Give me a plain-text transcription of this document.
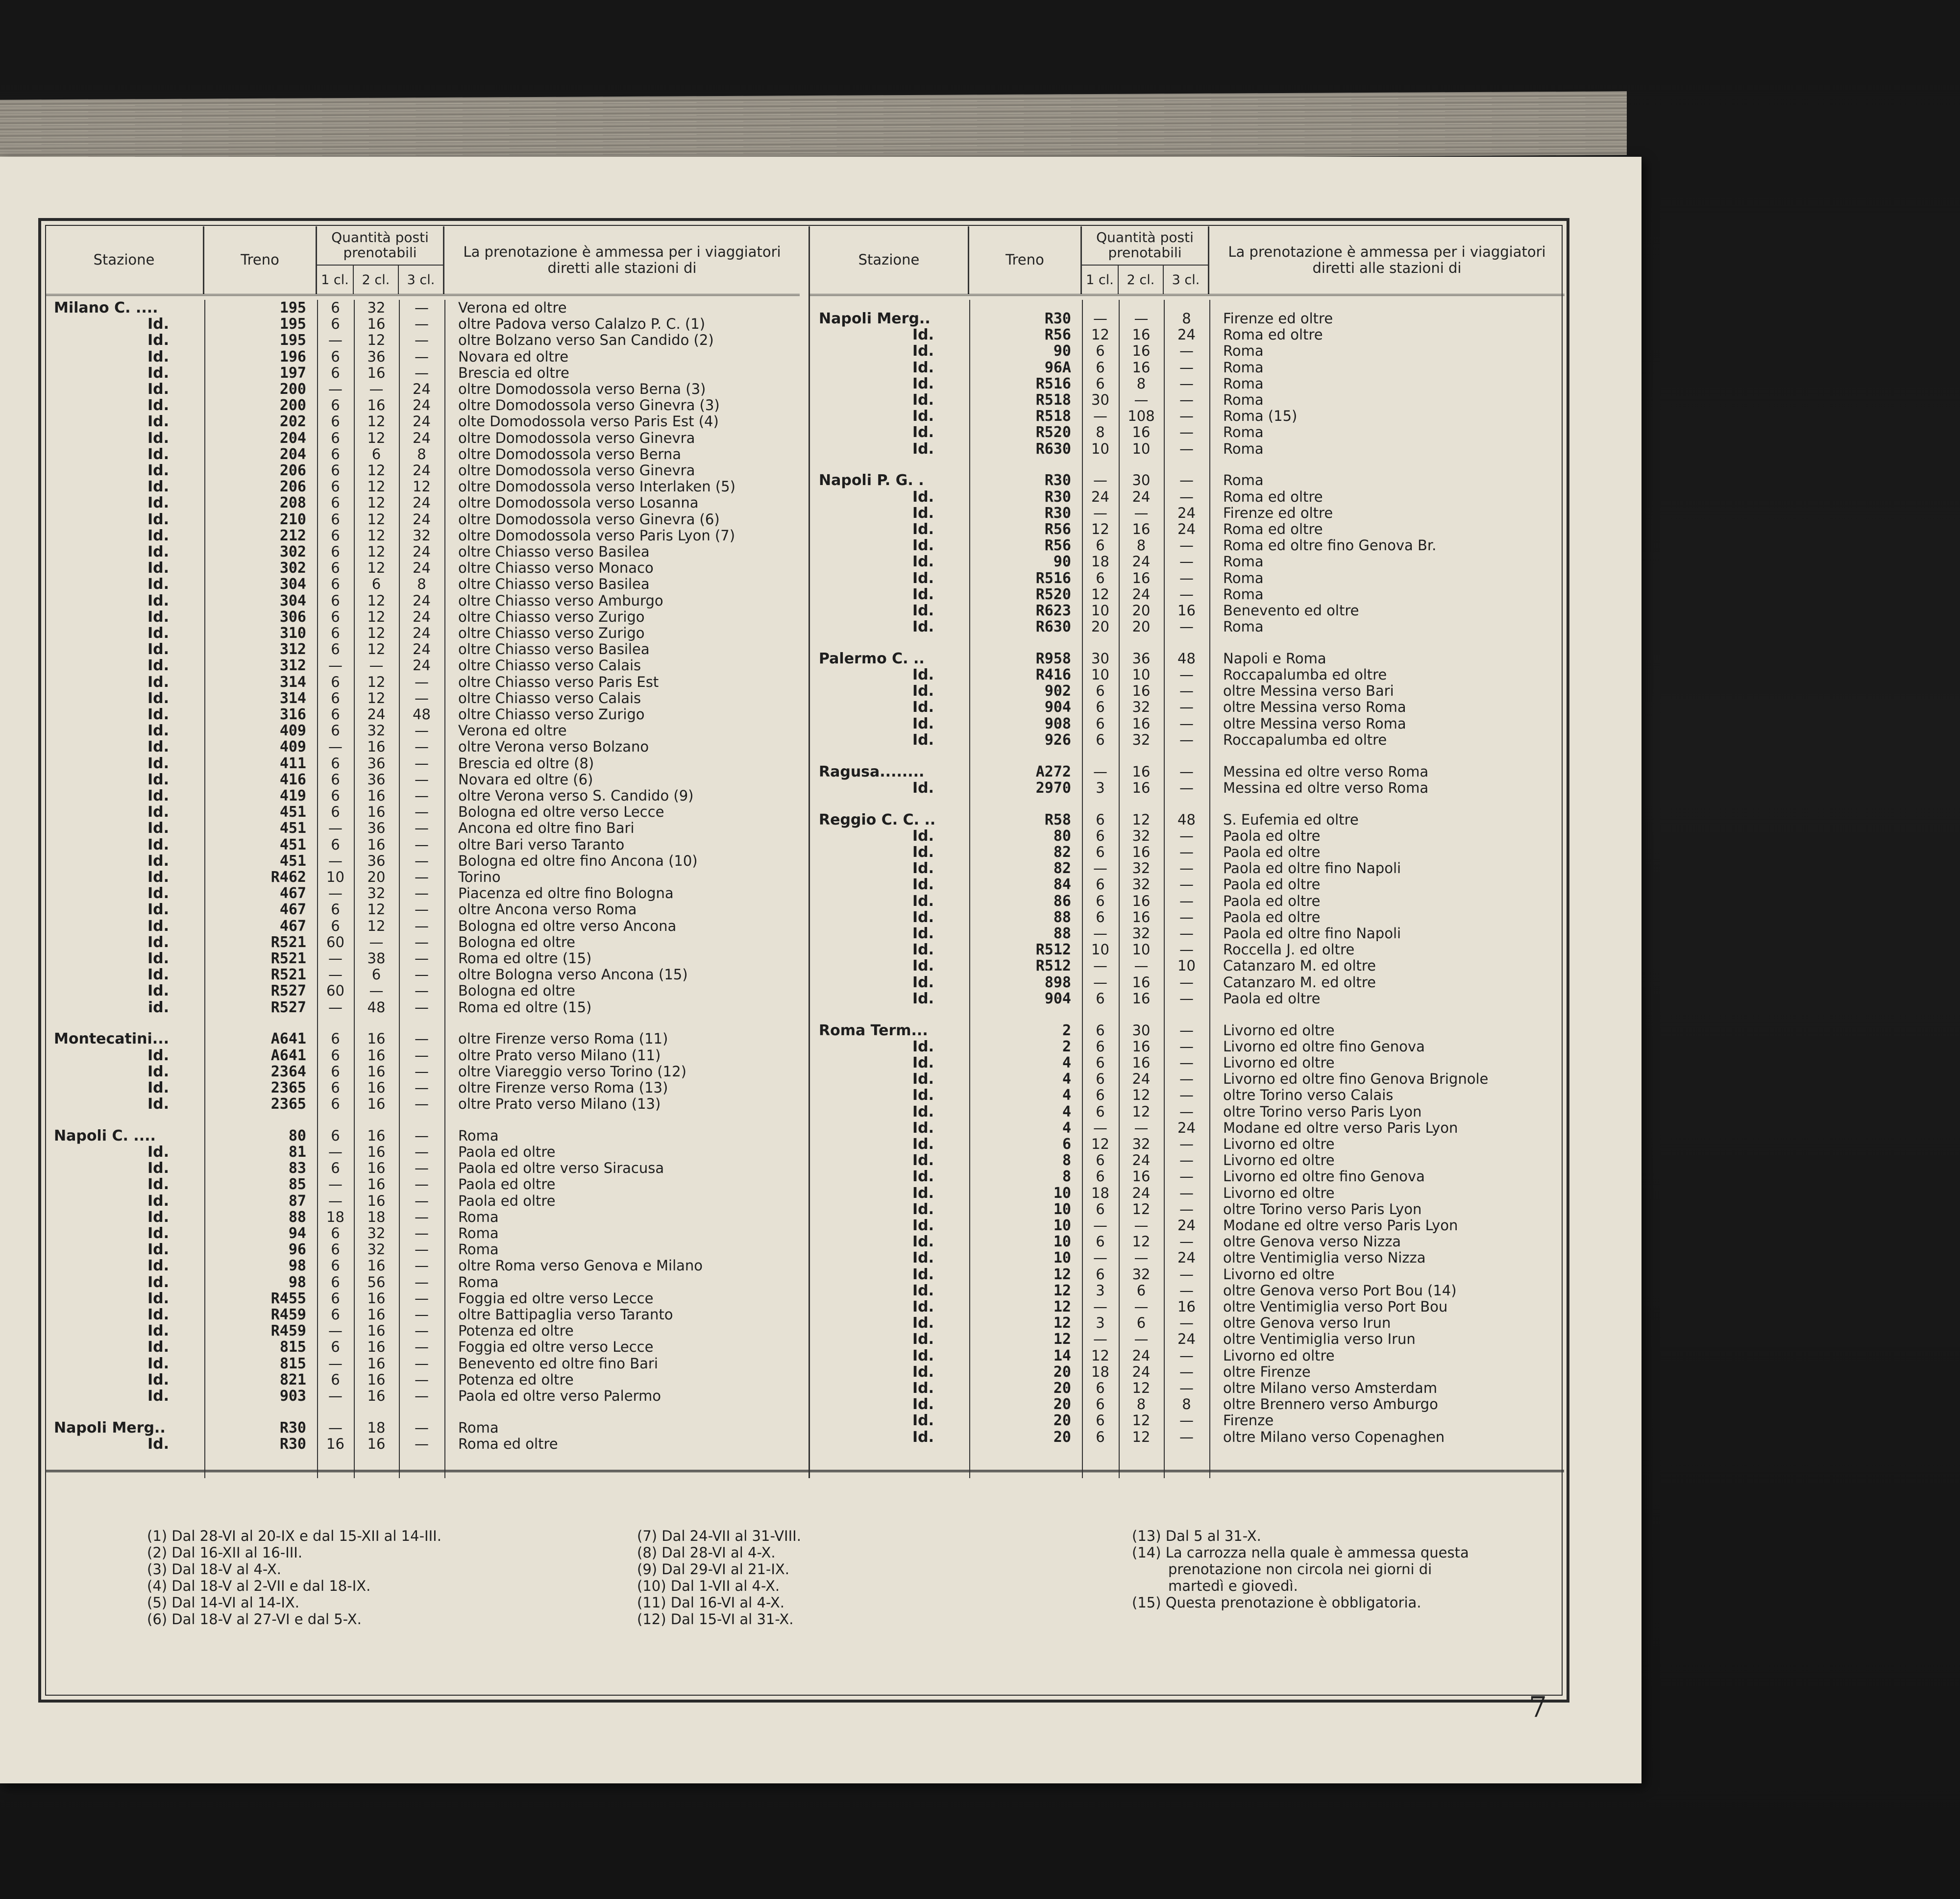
Stazione	Treno
Quantità posti prenotabili
1 cl. 2 cl.	3 cl.
La prenotazione è ammessa per i viaggiatori diretti alle stazioni di
Milano C. ....	195	6	32	—	Verona ed oltre
Id.	195	6	16	—	oltre Padova verso Calalzo P. C. (1)
Id.	195	—	12	—	oltre Bolzano verso San Candido (2)
Id.	196	6	36	—	Novara ed oltre
Id.	197	6	16	—	Brescia ed oltre
Id.	200	—	—	24	oltre Domodossola verso Berna (3)
Id.	200	6	16	24	oltre Domodossola verso Ginevra (3)
Id.	202	6	12	24	olte Domodossola verso Paris Est (4)
Id.	204	6	12	24	oltre Domodossola verso Ginevra
Id.	204	6	6	8	oltre Domodossola verso Berna
Id.	206	6	12	24	oltre Domodossola verso Ginevra
Id.	206	6	12	12	oltre Domodossola verso Interlaken (5)
Id.	208	6	12	24	oltre Domodossola verso Losanna
Id.	210	6	12	24	oltre Domodossola verso Ginevra (6)
Id.	212	6	12	32	oltre Domodossola verso Paris Lyon (7)
Id.	302	6	12	24	oltre Chiasso verso Basilea
Id.	302	6	12	24	oltre Chiasso verso Monaco
Id.	304	6	6	8	oltre Chiasso verso Basilea
Id.	304	6	12	24	oltre Chiasso verso Amburgo
Id.	306	6	12	24	oltre Chiasso verso Zurigo
Id.	310	6	12	24	oltre Chiasso verso Zurigo
Id.	312	6	12	24	oltre Chiasso verso Basilea
Id.	312	—	—	24	oltre Chiasso verso Calais
Id.	314	6	12	—	oltre Chiasso verso Paris Est
Id.	314	6	12	—	oltre Chiasso verso Calais
Id.	316	6	24	48	oltre Chiasso verso Zurigo
Id.	409	6	32	—	Verona ed oltre
Id.	409	—	16	—	oltre Verona verso Bolzano
Id.	411	6	36	—	Brescia ed oltre (8)
Id.	416	6	36	—	Novara ed oltre (6)
Id.	419	6	16	—	oltre Verona verso S. Candido (9)
Id.	451	6	16	—	Bologna ed oltre verso Lecce
Id.	451	—	36	—	Ancona ed oltre fino Bari
Id.	451	6	16	—	oltre Bari verso Taranto
Id.	451	—	36	—	Bologna ed oltre fino Ancona (10)
Id.	R462	10	20	—	Torino
Id.	467	—	32	—	Piacenza ed oltre fino Bologna
Id.	467	6	12	—	oltre Ancona verso Roma
Id.	467	6	12	—	Bologna ed oltre verso Ancona
Id.	R521	60	—	—	Bologna ed oltre
Id.	R521	—	38	—	Roma ed oltre (15)
Id.	R521	—	6	—	oltre Bologna verso Ancona (15)
Id.	R527	60	—	—	Bologna ed oltre
id.	R527	—	48	—	Roma ed oltre (15)
Montecatini...	A641	6	16	—	oltre Firenze verso Roma (11)
Id.	A641	6	16	—	oltre Prato verso Milano (11)
Id.	2364	6	16	—	oltre Viareggio verso Torino (12)
Id.	2365	6	16	—	oltre Firenze verso Roma (13)
Id.	2365	6	16	—	oltre Prato verso Milano (13)
Napoli C. ....	80	6	16	—	Roma
Id.	81	—	16	—	Paola ed oltre
Id.	83	6	16	—	Paola ed oltre verso Siracusa
Id.	85	—	16	—	Paola ed oltre
Id.	87	—	16	—	Paola ed oltre
Id.	88	18	18	—	Roma
Id.	94	6	32	—	Roma
Id.	96	6	32	—	Roma
Id.	98	6	16	—	oltre Roma verso Genova e Milano
Id.	98	6	56	—	Roma
Id.	R455	6	16	—	Foggia ed oltre verso Lecce
Id.	R459	6	16	—	oltre Battipaglia verso Taranto
Id.	R459	—	16	—	Potenza ed oltre
Id.	815	6	16	—	Foggia ed oltre verso Lecce
Id.	815	—	16	—	Benevento ed oltre fino Bari
Id.	821	6	16	—	Potenza ed oltre
Id.	903	—	16	—	Paola ed oltre verso Palermo
Napoli Merg..	R30	—	18	—	Roma
Id.	R30	16	16	—	Roma ed oltre
Stazione	Treno
Quantità posti prenotabili
1 cl. 2 cl.	3 cl.
La prenotazione è ammessa per i viaggiatori diretti alle stazioni di
Napoli Merg..	R30	—	—	8	Firenze ed oltre
Id.	R56	12	16	24	Roma ed oltre
Id.	90	6	16	—	Roma
Id.	96A	6	16	—	Roma
Id.	R516	6	8	—	Roma
Id.	R518	30	—	—	Roma
Id.	R518	—	108	—	Roma (15)
Id.	R520	8	16	—	Roma
Id.	R630	10	10	—	Roma
Napoli P. G. .	R30	—	30	—	Roma
Id.	R30	24	24	—	Roma ed oltre
Id.	R30	—	—	24	Firenze ed oltre
Id.	R56	12	16	24	Roma ed oltre
Id.	R56	6	8	—	Roma ed oltre fino Genova Br.
Id.	90	18	24	—	Roma
Id.	R516	6	16	—	Roma
Id.	R520	12	24	—	Roma
Id.	R623	10	20	16	Benevento ed oltre
Id.	R630	20	20	—	Roma
Palermo C. ..	R958	30	36	48	Napoli e Roma
Id.	R416	10	10	—	Roccapalumba ed oltre
Id.	902	6	16	—	oltre Messina verso Bari
Id.	904	6	32	—	oltre Messina verso Roma
Id.	908	6	16	—	oltre Messina verso Roma
Id.	926	6	32	—	Roccapalumba ed oltre
Ragusa........	A272	—	16	—	Messina ed oltre verso Roma
Id.	2970	3	16	—	Messina ed oltre verso Roma
Reggio C. C. ..	R58	6	12	48	S. Eufemia ed oltre
Id.	80	6	32	—	Paola ed oltre
Id.	82	6	16	—	Paola ed oltre
Id.	82	—	32	—	Paola ed oltre fino Napoli
Id.	84	6	32	—	Paola ed oltre
Id.	86	6	16	—	Paola ed oltre
Id.	88	6	16	—	Paola ed oltre
Id.	88	—	32	—	Paola ed oltre fino Napoli
Id.	R512	10	10	—	Roccella J. ed oltre
Id.	R512	—	—	10	Catanzaro M. ed oltre
Id.	898	—	16	—	Catanzaro M. ed oltre
Id.	904	6	16	—	Paola ed oltre
Roma Term...	2	6	30	—	Livorno ed oltre
Id.	2	6	16	—	Livorno ed oltre fino Genova
Id.	4	6	16	—	Livorno ed oltre
Id.	4	6	24	—	Livorno ed oltre fino Genova Brignole
Id.	4	6	12	—	oltre Torino verso Calais
Id.	4	6	12	—	oltre Torino verso Paris Lyon
Id.	4	—	—	24	Modane ed oltre verso Paris Lyon
Id.	6	12	32	—	Livorno ed oltre
Id.	8	6	24	—	Livorno ed oltre
Id.	8	6	16	—	Livorno ed oltre fino Genova
Id.	10	18	24	—	Livorno ed oltre
Id.	10	6	12	—	oltre Torino verso Paris Lyon
Id.	10	—	—	24	Modane ed oltre verso Paris Lyon
Id.	10	6	12	—	oltre Genova verso Nizza
Id.	10	—	—	24	oltre Ventimiglia verso Nizza
Id.	12	6	32	—	Livorno ed oltre
Id.	12	3	6	—	oltre Genova verso Port Bou (14)
Id.	12	—	—	16	oltre Ventimiglia verso Port Bou
Id.	12	3	6	—	oltre Genova verso Irun
Id.	12	—	—	24	oltre Ventimiglia verso Irun
Id.	14	12	24	—	Livorno ed oltre
Id.	20	18	24	—	oltre Firenze
Id.	20	6	12	—	oltre Milano verso Amsterdam
Id.	20	6	8	8	oltre Brennero verso Amburgo
Id.	20	6	12	—	Firenze
Id.	20	6	12	—	oltre Milano verso Copenaghen
(1) Dal 28-VI al 20-IX e dal 15-XII al 14-III.
(2) Dal 16-XII al 16-III.
(3) Dal 18-V al 4-X.
(4) Dal 18-V al 2-VII e dal 18-IX.
(5) Dal 14-VI al 14-IX.
(6) Dal 18-V al 27-VI e dal 5-X.
(7) Dal 24-VII al 31-VIII.
(8) Dal 28-VI al 4-X.
(9) Dal 29-VI al 21-IX.
(10) Dal 1-VII al 4-X.
(11) Dal 16-VI al 4-X.
(12) Dal 15-VI al 31-X.
(13) Dal 5 al 31-X.
(14) La carrozza nella quale è ammessa questa
prenotazione non circola nei giorni di
martedì e giovedì.
(15) Questa prenotazione è obbligatoria.
7
